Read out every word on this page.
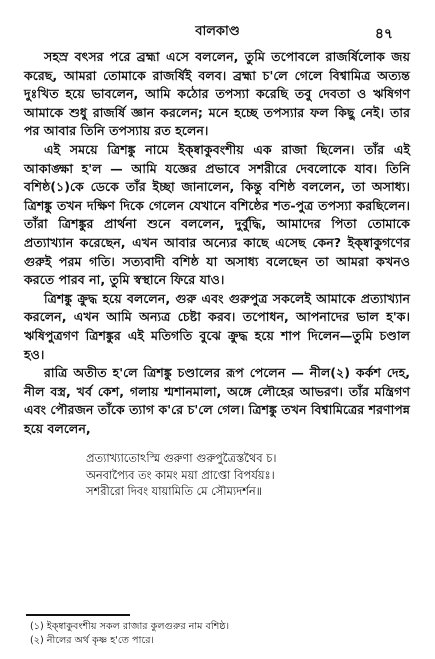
বালকাণ্ড	৪৭

সহস্র বৎসর পরে ব্রহ্মা এসে বললেন, তুমি তপোবলে রাজর্ষিলোক জয় করেছ, আমরা তোমাকে রাজর্ষিই বলব। ব্রহ্মা চ'লে গেলে বিশ্বামিত্র অত্যন্ত দুঃখিত হয়ে ভাবলেন, আমি কঠোর তপস্যা করেছি তবু দেবতা ও ঋষিগণ আমাকে শুধু রাজর্ষি জ্ঞান করলেন; মনে হচ্ছে তপস্যার ফল কিছু নেই। তার পর আবার তিনি তপস্যায় রত হলেন।

এই সময়ে ত্রিশঙ্কু নামে ইক্ষ্বাকুবংশীয় এক রাজা ছিলেন। তাঁর এই আকাঙ্ক্ষা হ'ল — আমি যজ্ঞের প্রভাবে সশরীরে দেবলোকে যাব। তিনি বশিষ্ঠ(১)কে ডেকে তাঁর ইচ্ছা জানালেন, কিন্তু বশিষ্ঠ বললেন, তা অসাধ্য। ত্রিশঙ্কু তখন দক্ষিণ দিকে গেলেন যেখানে বশিষ্ঠের শত-পুত্র তপস্যা করছিলেন। তাঁরা ত্রিশঙ্কুর প্রার্থনা শুনে বললেন, দুর্বুদ্ধি, আমাদের পিতা তোমাকে প্রত্যাখ্যান করেছেন, এখন আবার অন্যের কাছে এসেছ কেন? ইক্ষ্বাকুগণের গুরুই পরম গতি। সত্যবাদী বশিষ্ঠ যা অসাধ্য বলেছেন তা আমরা কখনও করতে পারব না, তুমি স্বস্থানে ফিরে যাও।

ত্রিশঙ্কু ক্রুদ্ধ হয়ে বললেন, গুরু এবং গুরুপুত্র সকলেই আমাকে প্রত্যাখ্যান করলেন, এখন আমি অন্যত্র চেষ্টা করব। তপোধন, আপনাদের ভাল হ'ক। ঋষিপুত্রগণ ত্রিশঙ্কুর এই মতিগতি বুঝে ক্রুদ্ধ হয়ে শাপ দিলেন—তুমি চণ্ডাল হও।

রাত্রি অতীত হ'লে ত্রিশঙ্কু চণ্ডালের রূপ পেলেন — নীল(২) কর্কশ দেহ, নীল বস্ত্র, খর্ব কেশ, গলায় শ্মশানমালা, অঙ্গে লৌহের আভরণ। তাঁর মন্ত্রিগণ এবং পৌরজন তাঁকে ত্যাগ ক'রে চ'লে গেল। ত্রিশঙ্কু তখন বিশ্বামিত্রের শরণাপন্ন হয়ে বললেন,

প্রত্যাখ্যাতোঽস্মি গুরুণা গুরুপুত্রৈস্তথৈব চ।
অনবাপ্যৈব তং কামং ময়া প্রাপ্তো বিপর্যয়ঃ।
সশরীরো দিবং যায়ামিতি মে সৌম্যদর্শন॥
(১) ইক্ষ্বাকুবংশীয় সকল রাজার কুলগুরুর নাম বশিষ্ঠ।
(২) নীলের অর্থ কৃষ্ণ হ'তে পারে।
